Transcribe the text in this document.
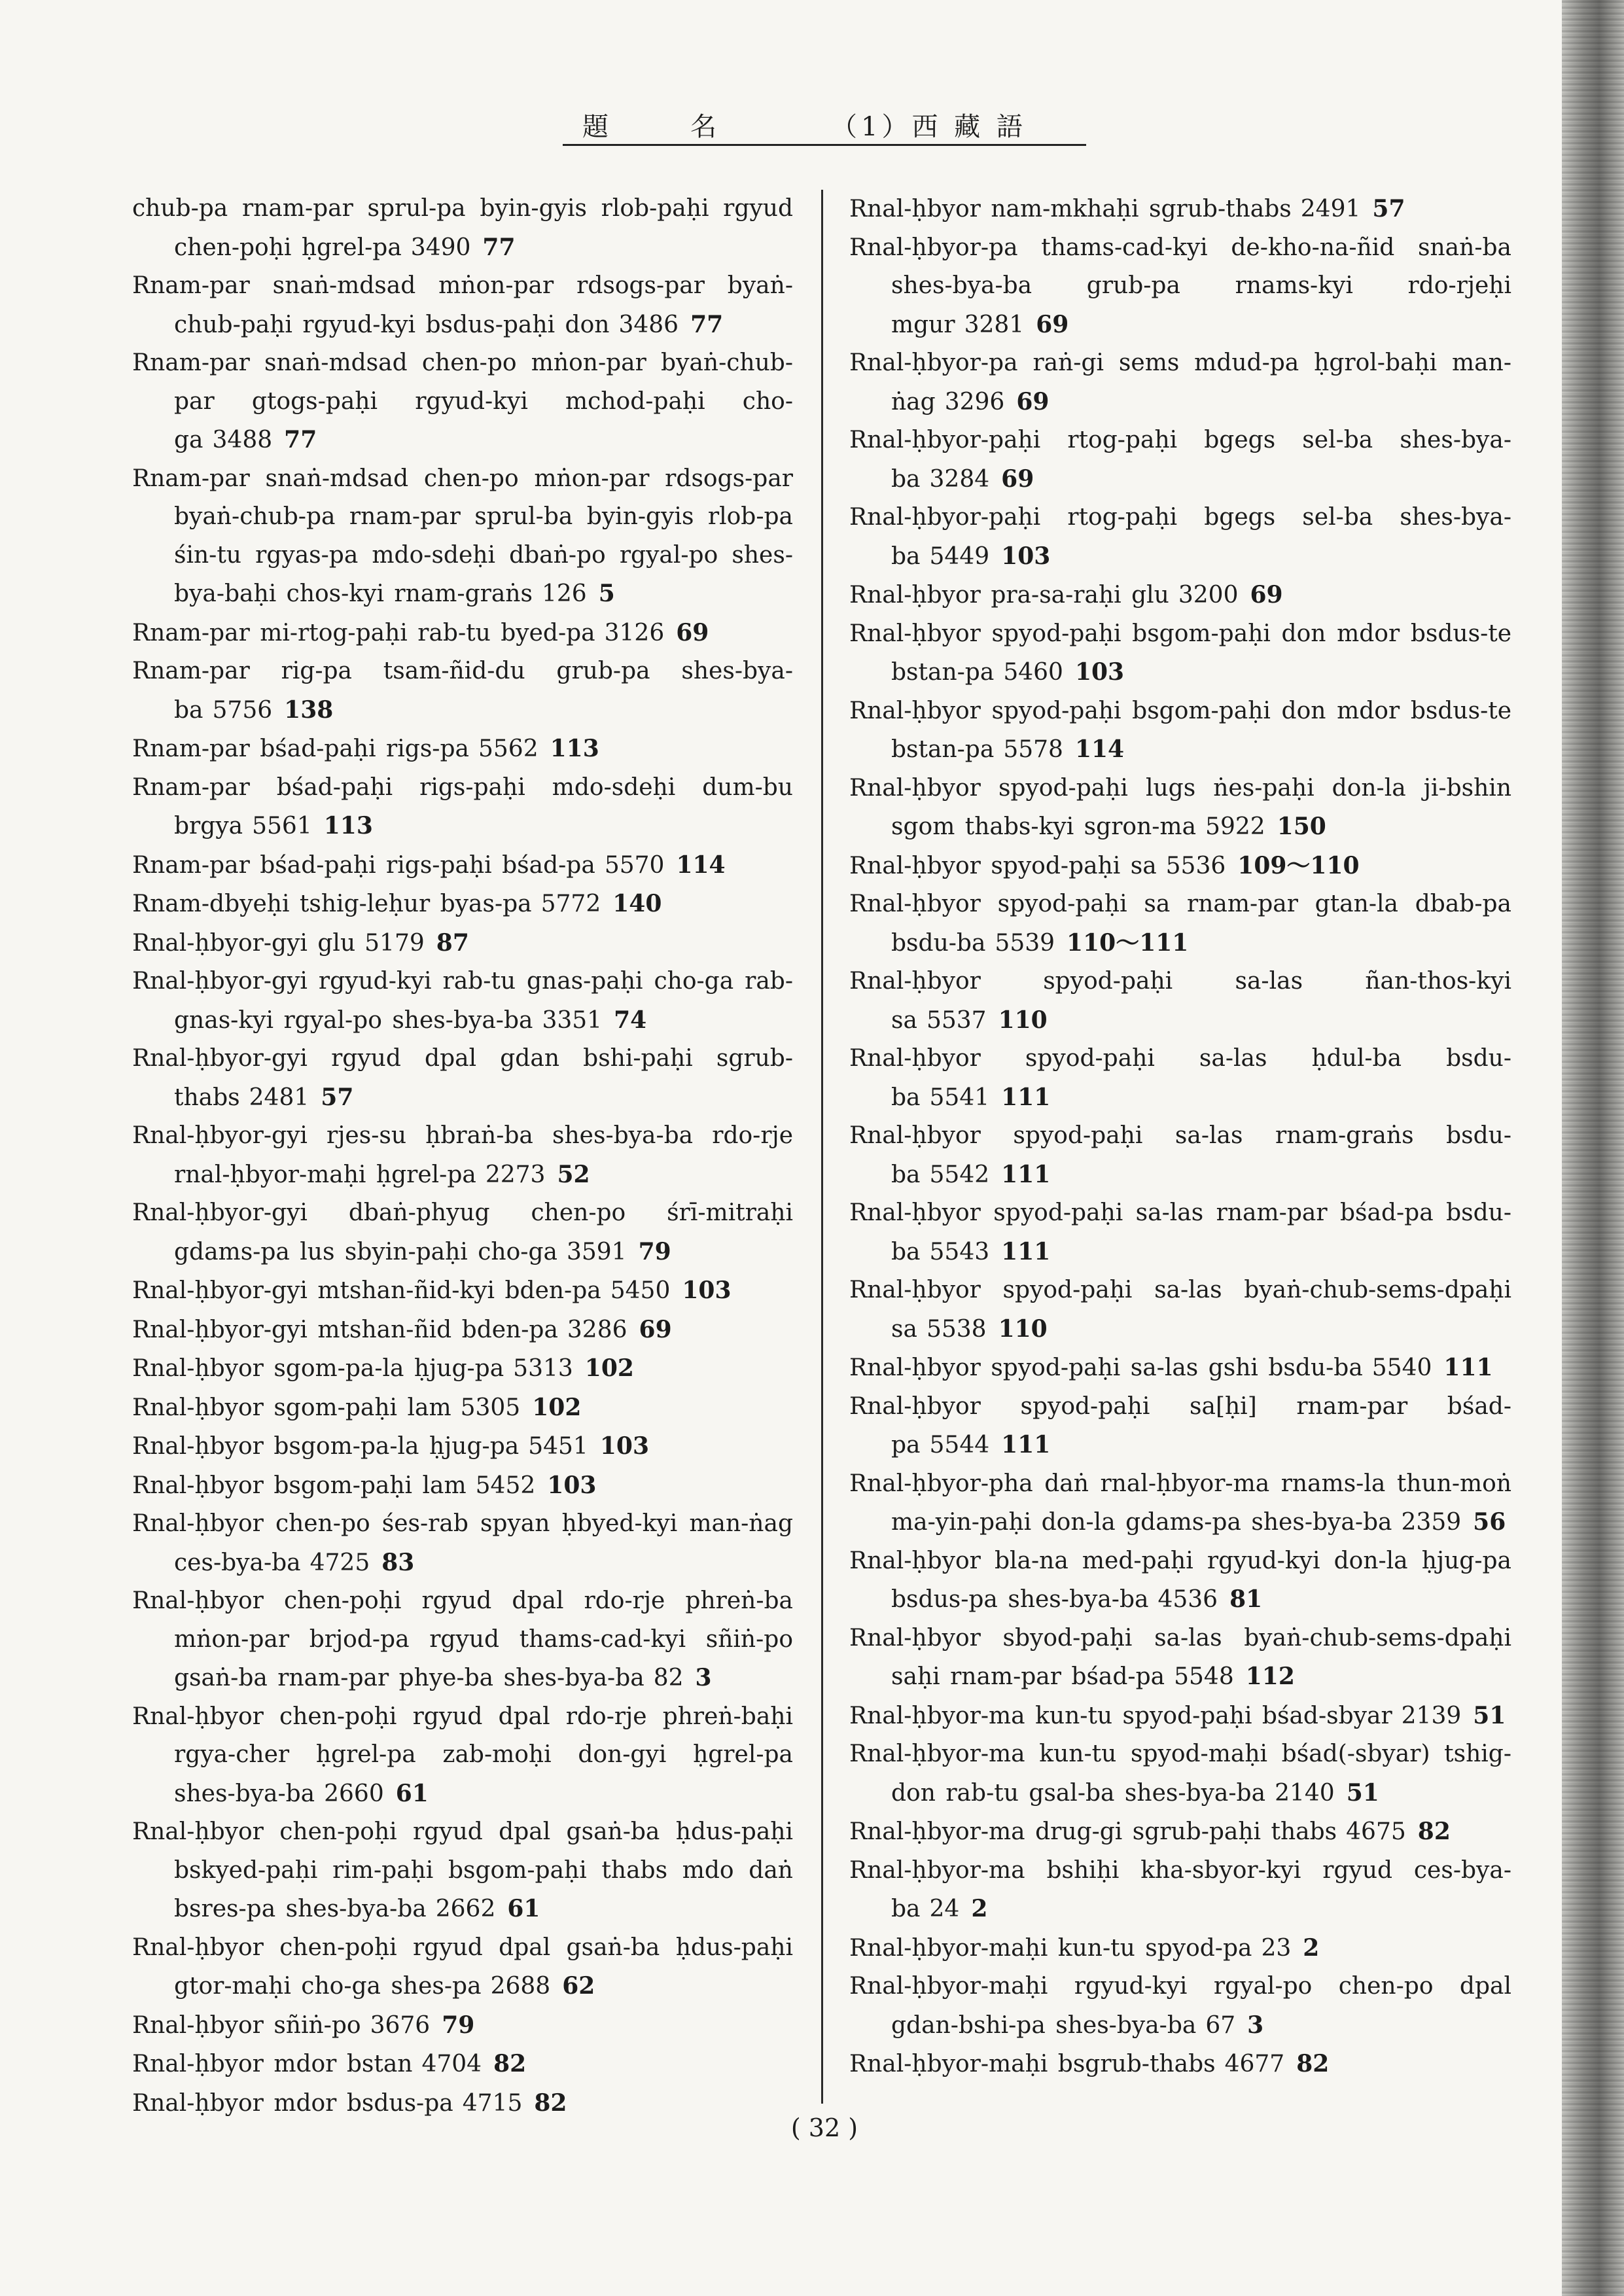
題	名	（1）西 藏 語
chub-pa rnam-par sprul-pa byin-gyis rlob-paḥi rgyud chen-poḥi ḥgrel-pa 3490 77
Rnam-par snaṅ-mdsad mṅon-par rdsogs-par byaṅ-chub-paḥi rgyud-kyi bsdus-paḥi don 3486 77
Rnam-par snaṅ-mdsad chen-po mṅon-par byaṅ-chub-par gtogs-paḥi rgyud-kyi mchod-paḥi cho-ga 3488 77
Rnam-par snaṅ-mdsad chen-po mṅon-par rdsogs-par byaṅ-chub-pa rnam-par sprul-ba byin-gyis rlob-pa śin-tu rgyas-pa mdo-sdeḥi dbaṅ-po rgyal-po shes-bya-baḥi chos-kyi rnam-graṅs 126 5
Rnam-par mi-rtog-paḥi rab-tu byed-pa 3126 69
Rnam-par rig-pa tsam-ñid-du grub-pa shes-bya-ba 5756 138
Rnam-par bśad-paḥi rigs-pa 5562 113
Rnam-par bśad-paḥi rigs-paḥi mdo-sdeḥi dum-bu brgya 5561 113
Rnam-par bśad-paḥi rigs-paḥi bśad-pa 5570 114
Rnam-dbyeḥi tshig-leḥur byas-pa 5772 140
Rnal-ḥbyor-gyi glu 5179 87
Rnal-ḥbyor-gyi rgyud-kyi rab-tu gnas-paḥi cho-ga rab-gnas-kyi rgyal-po shes-bya-ba 3351 74
Rnal-ḥbyor-gyi rgyud dpal gdan bshi-paḥi sgrub-thabs 2481 57
Rnal-ḥbyor-gyi rjes-su ḥbraṅ-ba shes-bya-ba rdo-rje rnal-ḥbyor-maḥi ḥgrel-pa 2273 52
Rnal-ḥbyor-gyi dbaṅ-phyug chen-po śrī-mitraḥi gdams-pa lus sbyin-paḥi cho-ga 3591 79
Rnal-ḥbyor-gyi mtshan-ñid-kyi bden-pa 5450 103
Rnal-ḥbyor-gyi mtshan-ñid bden-pa 3286 69
Rnal-ḥbyor sgom-pa-la ḥjug-pa 5313 102
Rnal-ḥbyor sgom-paḥi lam 5305 102
Rnal-ḥbyor bsgom-pa-la ḥjug-pa 5451 103
Rnal-ḥbyor bsgom-paḥi lam 5452 103
Rnal-ḥbyor chen-po śes-rab spyan ḥbyed-kyi man-ṅag ces-bya-ba 4725 83
Rnal-ḥbyor chen-poḥi rgyud dpal rdo-rje phreṅ-ba mṅon-par brjod-pa rgyud thams-cad-kyi sñiṅ-po gsaṅ-ba rnam-par phye-ba shes-bya-ba 82 3
Rnal-ḥbyor chen-poḥi rgyud dpal rdo-rje phreṅ-baḥi rgya-cher ḥgrel-pa zab-moḥi don-gyi ḥgrel-pa shes-bya-ba 2660 61
Rnal-ḥbyor chen-poḥi rgyud dpal gsaṅ-ba ḥdus-paḥi bskyed-paḥi rim-paḥi bsgom-paḥi thabs mdo daṅ bsres-pa shes-bya-ba 2662 61
Rnal-ḥbyor chen-poḥi rgyud dpal gsaṅ-ba ḥdus-paḥi gtor-maḥi cho-ga shes-pa 2688 62
Rnal-ḥbyor sñiṅ-po 3676 79
Rnal-ḥbyor mdor bstan 4704 82
Rnal-ḥbyor mdor bsdus-pa 4715 82
Rnal-ḥbyor nam-mkhaḥi sgrub-thabs 2491 57
Rnal-ḥbyor-pa thams-cad-kyi de-kho-na-ñid snaṅ-ba shes-bya-ba grub-pa rnams-kyi rdo-rjeḥi mgur 3281 69
Rnal-ḥbyor-pa raṅ-gi sems mdud-pa ḥgrol-baḥi man-ṅag 3296 69
Rnal-ḥbyor-paḥi rtog-paḥi bgegs sel-ba shes-bya-ba 3284 69
Rnal-ḥbyor-paḥi rtog-paḥi bgegs sel-ba shes-bya-ba 5449 103
Rnal-ḥbyor pra-sa-raḥi glu 3200 69
Rnal-ḥbyor spyod-paḥi bsgom-paḥi don mdor bsdus-te bstan-pa 5460 103
Rnal-ḥbyor spyod-paḥi bsgom-paḥi don mdor bsdus-te bstan-pa 5578 114
Rnal-ḥbyor spyod-paḥi lugs ṅes-paḥi don-la ji-bshin sgom thabs-kyi sgron-ma 5922 150
Rnal-ḥbyor spyod-paḥi sa 5536 109～110
Rnal-ḥbyor spyod-paḥi sa rnam-par gtan-la dbab-pa bsdu-ba 5539 110～111
Rnal-ḥbyor spyod-paḥi sa-las ñan-thos-kyi sa 5537 110
Rnal-ḥbyor spyod-paḥi sa-las ḥdul-ba bsdu-ba 5541 111
Rnal-ḥbyor spyod-paḥi sa-las rnam-graṅs bsdu-ba 5542 111
Rnal-ḥbyor spyod-paḥi sa-las rnam-par bśad-pa bsdu-ba 5543 111
Rnal-ḥbyor spyod-paḥi sa-las byaṅ-chub-sems-dpaḥi sa 5538 110
Rnal-ḥbyor spyod-paḥi sa-las gshi bsdu-ba 5540 111
Rnal-ḥbyor spyod-paḥi sa[ḥi] rnam-par bśad-pa 5544 111
Rnal-ḥbyor-pha daṅ rnal-ḥbyor-ma rnams-la thun-moṅ ma-yin-paḥi don-la gdams-pa shes-bya-ba 2359 56
Rnal-ḥbyor bla-na med-paḥi rgyud-kyi don-la ḥjug-pa bsdus-pa shes-bya-ba 4536 81
Rnal-ḥbyor sbyod-paḥi sa-las byaṅ-chub-sems-dpaḥi saḥi rnam-par bśad-pa 5548 112
Rnal-ḥbyor-ma kun-tu spyod-paḥi bśad-sbyar 2139 51
Rnal-ḥbyor-ma kun-tu spyod-maḥi bśad(-sbyar) tshig-don rab-tu gsal-ba shes-bya-ba 2140 51
Rnal-ḥbyor-ma drug-gi sgrub-paḥi thabs 4675 82
Rnal-ḥbyor-ma bshiḥi kha-sbyor-kyi rgyud ces-bya-ba 24 2
Rnal-ḥbyor-maḥi kun-tu spyod-pa 23 2
Rnal-ḥbyor-maḥi rgyud-kyi rgyal-po chen-po dpal gdan-bshi-pa shes-bya-ba 67 3
Rnal-ḥbyor-maḥi bsgrub-thabs 4677 82
( 32 )
